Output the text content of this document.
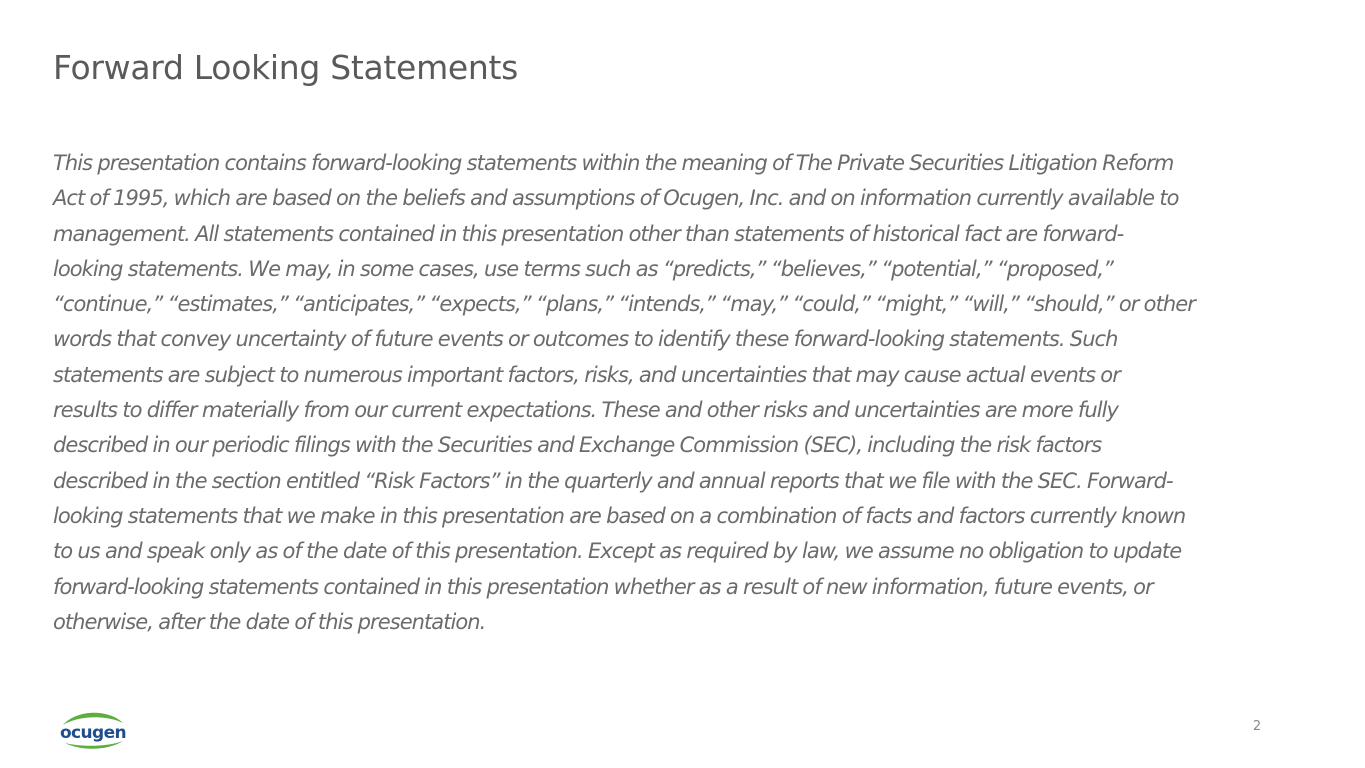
Forward Looking Statements

This presentation contains forward-looking statements within the meaning of The Private Securities Litigation Reform
Act of 1995, which are based on the beliefs and assumptions of Ocugen, Inc. and on information currently available to
management. All statements contained in this presentation other than statements of historical fact are forward-
looking statements. We may, in some cases, use terms such as “predicts,” “believes,” “potential,” “proposed,”
“continue,” “estimates,” “anticipates,” “expects,” “plans,” “intends,” “may,” “could,” “might,” “will,” “should,” or other
words that convey uncertainty of future events or outcomes to identify these forward-looking statements. Such
statements are subject to numerous important factors, risks, and uncertainties that may cause actual events or
results to differ materially from our current expectations. These and other risks and uncertainties are more fully
described in our periodic filings with the Securities and Exchange Commission (SEC), including the risk factors
described in the section entitled “Risk Factors” in the quarterly and annual reports that we file with the SEC. Forward-
looking statements that we make in this presentation are based on a combination of facts and factors currently known
to us and speak only as of the date of this presentation. Except as required by law, we assume no obligation to update
forward-looking statements contained in this presentation whether as a result of new information, future events, or
otherwise, after the date of this presentation.

ocugen	2
